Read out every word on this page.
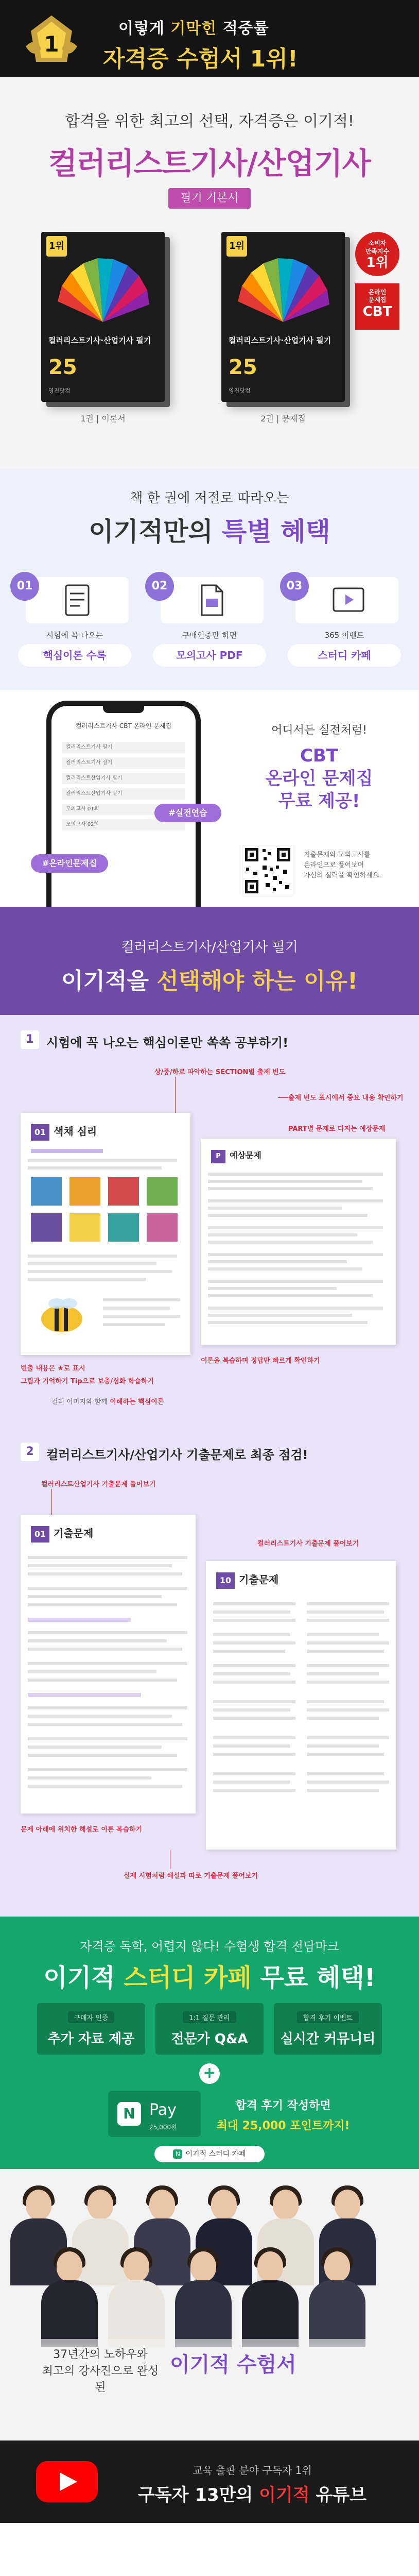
1
이렇게 기막힌 적중률
자격증 수험서 1위!
합격을 위한 최고의 선택, 자격증은 이기적!
컬러리스트기사/산업기사
필기 기본서
1위
컬러리스트기사·산업기사 필기
25
영진닷컴
1권 | 이론서
1위
컬러리스트기사·산업기사 필기
25
영진닷컴
2권 | 문제집
소비자
만족지수
1위
온라인
문제집
CBT
책 한 권에 저절로 따라오는
이기적만의 특별 혜택
01
시험에 꼭 나오는
핵심이론 수록
02
구매인증만 하면
모의고사 PDF
03
365 이벤트
스터디 카페
컬러리스트기사 CBT 온라인 문제집
컬러리스트기사 필기
컬러리스트기사 실기
컬러리스트산업기사 필기
컬러리스트산업기사 실기
모의고사 01회
모의고사 02회
#실전연습
#온라인문제집
어디서든 실전처럼!
CBT
온라인 문제집
무료 제공!
기출문제와 모의고사를
온라인으로 풀어보며
자신의 실력을 확인하세요.
컬러리스트기사/산업기사 필기
이기적을 선택해야 하는 이유!
1	시험에 꼭 나오는 핵심이론만 쏙쏙 공부하기!
상/중/하로 파악하는 SECTION별 출제 빈도
01 색채 심리
P 예상문제
출제 빈도 표시에서 중요 내용 확인하기
PART별 문제로 다지는 예상문제
빈출 내용은 ★로 표시
그림과 기억하기 Tip으로 보충/심화 학습하기
이론을 복습하며 정답만 빠르게 확인하기
컬러 이미지와 함께 이해하는 핵심이론
2	컬러리스트기사/산업기사 기출문제로 최종 점검!
컬러리스트산업기사 기출문제 풀어보기
01 기출문제
10 기출문제
컬러리스트기사 기출문제 풀어보기
문제 아래에 위치한 해설로 이론 복습하기
실제 시험처럼 해설과 따로 기출문제 풀어보기
자격증 독학, 어렵지 않다! 수험생 합격 전담마크
이기적 스터디 카페 무료 혜택!
구매자 인증
추가 자료 제공
1:1 질문 관리
전문가 Q&A
합격 후기 이벤트
실시간 커뮤니티
+
N Pay
25,000원
합격 후기 작성하면
최대 25,000 포인트까지!
N 이기적 스터디 카페
37년간의 노하우와
최고의 강사진으로 완성된
이기적 수험서
교육 출판 분야 구독자 1위
구독자 13만의 이기적 유튜브
